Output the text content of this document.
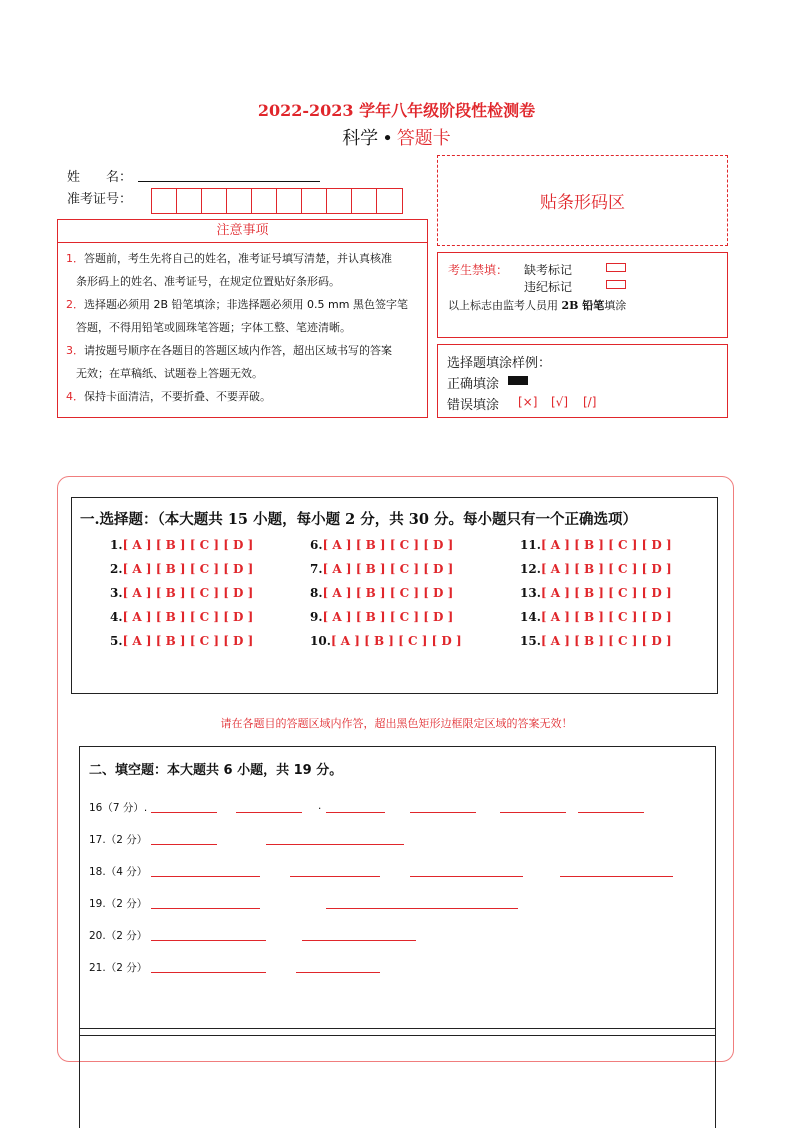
2022-2023 学年八年级阶段性检测卷
科学 • 答题卡
姓　　名：
准考证号：	贴条形码区
注意事项

1．答题前，考生先将自己的姓名，准考证号填写清楚，并认真核准

条形码上的姓名、准考证号，在规定位置贴好条形码。

2．选择题必须用 2B 铅笔填涂；非选择题必须用 0.5 mm 黑色签字笔

答题，不得用铅笔或圆珠笔答题；字体工整、笔迹清晰。

3．请按题号顺序在各题目的答题区域内作答，超出区域书写的答案

无效；在草稿纸、试题卷上答题无效。

4．保持卡面清洁，不要折叠、不要弄破。

考生禁填： 缺考标记
违纪标记
以上标志由监考人员用 2B 铅笔填涂
选择题填涂样例：
正确填涂
错误填涂 [×] [√] [/]
一.选择题：（本大题共 15 小题，每小题 2 分，共 30 分。每小题只有一个正确选项）
1.[ A ] [ B ] [ C ] [ D ]
2.[ A ] [ B ] [ C ] [ D ]
3.[ A ] [ B ] [ C ] [ D ]
4.[ A ] [ B ] [ C ] [ D ]
5.[ A ] [ B ] [ C ] [ D ]
6.[ A ] [ B ] [ C ] [ D ]
7.[ A ] [ B ] [ C ] [ D ]
8.[ A ] [ B ] [ C ] [ D ]
9.[ A ] [ B ] [ C ] [ D ]
10.[ A ] [ B ] [ C ] [ D ]
11.[ A ] [ B ] [ C ] [ D ]
12.[ A ] [ B ] [ C ] [ D ]
13.[ A ] [ B ] [ C ] [ D ]
14.[ A ] [ B ] [ C ] [ D ]
15.[ A ] [ B ] [ C ] [ D ]
请在各题目的答题区域内作答，超出黑色矩形边框限定区域的答案无效！
二、填空题：本大题共 6 小题，共 19 分。
16（7 分）.	.
17.（2 分）
18.（4 分）
19.（2 分）
20.（2 分）
21.（2 分）
